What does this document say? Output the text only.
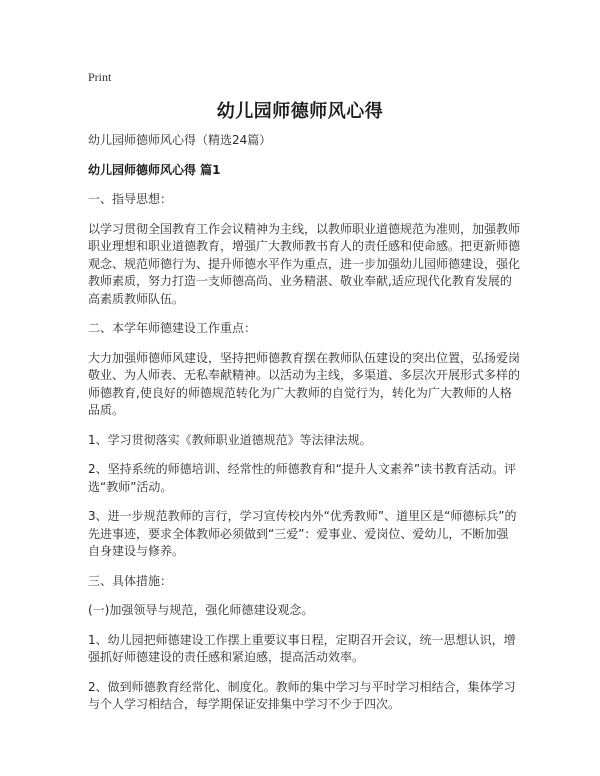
Print
幼儿园师德师风心得

幼儿园师德师风心得（精选24篇）

幼儿园师德师风心得 篇1

一、指导思想：

以学习贯彻全国教育工作会议精神为主线，以教师职业道德规范为准则，加强教师职业理想和职业道德教育，增强广大教师教书育人的责任感和使命感。把更新师德观念、规范师德行为、提升师德水平作为重点，进一步加强幼儿园师德建设，强化教师素质，努力打造一支师德高尚、业务精湛、敬业奉献,适应现代化教育发展的高素质教师队伍。

二、本学年师德建设工作重点：

大力加强师德师风建设，坚持把师德教育摆在教师队伍建设的突出位置，弘扬爱岗敬业、为人师表、无私奉献精神。以活动为主线，多渠道、多层次开展形式多样的师德教育,使良好的师德规范转化为广大教师的自觉行为，转化为广大教师的人格品质。

1、学习贯彻落实《教师职业道德规范》等法律法规。

2、坚持系统的师德培训、经常性的师德教育和“提升人文素养”读书教育活动。评选“教师”活动。

3、进一步规范教师的言行，学习宣传校内外“优秀教师”、道里区是“师德标兵”的先进事迹，要求全体教师必须做到“三爱”：爱事业、爱岗位、爱幼儿，不断加强自身建设与修养。

三、具体措施：

(一)加强领导与规范，强化师德建设观念。

1、幼儿园把师德建设工作摆上重要议事日程，定期召开会议，统一思想认识，增强抓好师德建设的责任感和紧迫感，提高活动效率。

2、做到师德教育经常化、制度化。教师的集中学习与平时学习相结合，集体学习与个人学习相结合，每学期保证安排集中学习不少于四次。
